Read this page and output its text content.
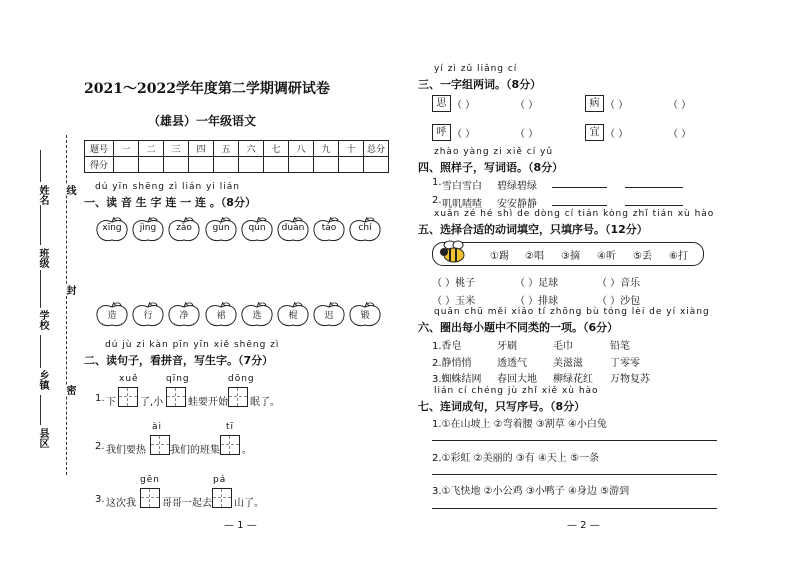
2021～2022学年度第二学期调研试卷
（雄县）一年级语文
姓名
班级
学校
乡镇
县区
线
封
密
题号	一	二	三	四	五	六	七	八	九	十	总分
得分											
dú yīn shēng zì lián yi lián
一、读 音 生 字 连 一 连 。（8分）
xīng	jìng	zào	gùn	qún	duàn	táo	chí
造	行	净	裙	选	棍	迟	锻
dú jù zi kàn pīn yīn xiě shēng zì
二、读句子，看拼音，写生字。（7分）
1. 下
xuě
了,小
qīng
蛙要开始
dōng
眠了。
2. 我们要热
ài
我们的班集
tī
。
3. 这次我
gēn
哥哥一起去
pá
山了。
— 1 —
yí zì zǔ liǎng cí
三、一字组两词。（8分）
思 （ ）	（ ）	病 （ ）	（ ）
呼 （ ）	（ ）	宜 （ ）	（ ）
zhào yàng zi xiě cí yǔ
四、照样子，写词语。（8分）
1. 雪白雪白 碧绿碧绿
2. 叽叽喳喳 安安静静
xuǎn zé hé shì de dòng cí tián kòng zhǐ tián xù hào
五、选择合适的动词填空，只填序号。（12分）
①踢 ②唱 ③摘 ④听 ⑤丢 ⑥打
（ ）桃子	（ ）足球	（ ）音乐
（ ）玉米	（ ）排球	（ ）沙包
quān chū měi xiǎo tí zhōng bù tóng lèi de yí xiàng
六、圈出每小题中不同类的一项。（6分）
1.香皂	牙刷	毛巾	铅笔
2.静悄悄	透透气	美滋滋	丁零零
3.蜘蛛结网 春回大地 柳绿花红 万物复苏
lián cí chéng jù zhǐ xiě xù hào
七、连词成句，只写序号。（8分）
1.①在山坡上 ②弯着腰 ③割草 ④小白兔
2.①彩虹 ②美丽的 ③有 ④天上 ⑤一条
3.①飞快地 ②小公鸡 ③小鸭子 ④身边 ⑤游到
— 2 —
